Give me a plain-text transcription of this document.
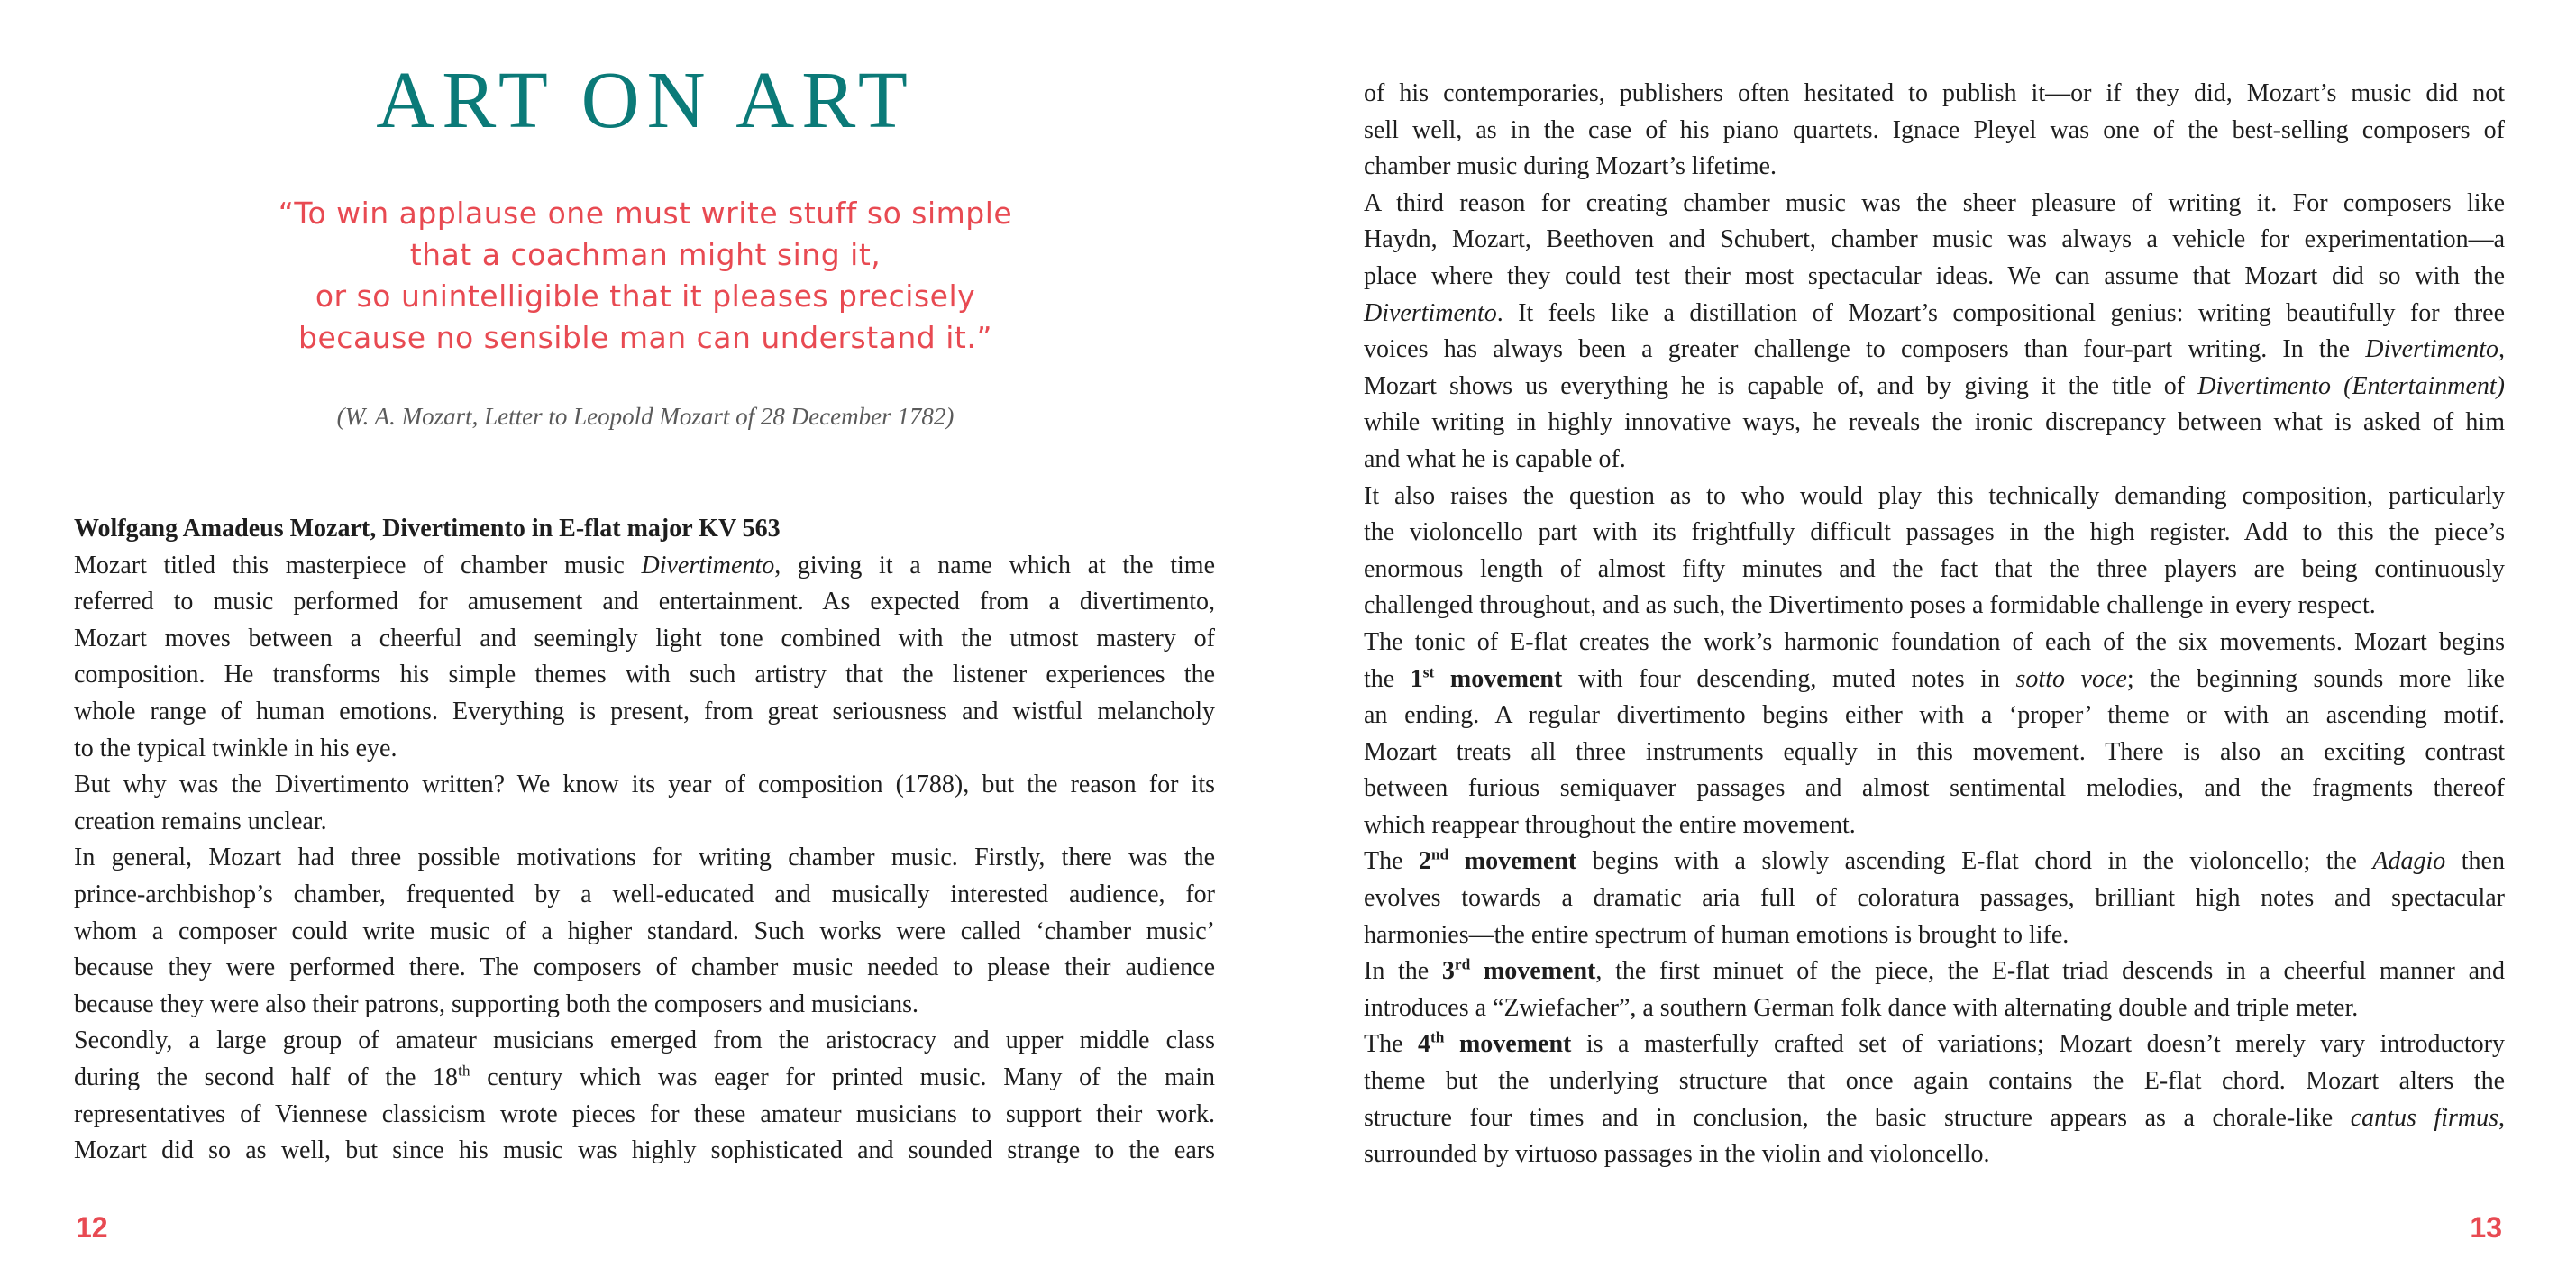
ART ON ART
“To win applause one must write stuff so simple
that a coachman might sing it,
or so unintelligible that it pleases precisely
because no sensible man can understand it.”
(W. A. Mozart, Letter to Leopold Mozart of 28 December 1782)
Wolfgang Amadeus Mozart, Divertimento in E-flat major KV 563

Mozart titled this masterpiece of chamber music Divertimento, giving it a name which at the time
referred to music performed for amusement and entertainment. As expected from a divertimento,
Mozart moves between a cheerful and seemingly light tone combined with the utmost mastery of
composition. He transforms his simple themes with such artistry that the listener experiences the
whole range of human emotions. Everything is present, from great seriousness and wistful melancholy
to the typical twinkle in his eye.

But why was the Divertimento written? We know its year of composition (1788), but the reason for its
creation remains unclear.

In general, Mozart had three possible motivations for writing chamber music. Firstly, there was the
prince-archbishop’s chamber, frequented by a well-educated and musically interested audience, for
whom a composer could write music of a higher standard. Such works were called ‘chamber music’
because they were performed there. The composers of chamber music needed to please their audience
because they were also their patrons, supporting both the composers and musicians.

Secondly, a large group of amateur musicians emerged from the aristocracy and upper middle class
during the second half of the 18th century which was eager for printed music. Many of the main
representatives of Viennese classicism wrote pieces for these amateur musicians to support their work.
Mozart did so as well, but since his music was highly sophisticated and sounded strange to the ears

12

of his contemporaries, publishers often hesitated to publish it—or if they did, Mozart’s music did not
sell well, as in the case of his piano quartets. Ignace Pleyel was one of the best-selling composers of
chamber music during Mozart’s lifetime.

A third reason for creating chamber music was the sheer pleasure of writing it. For composers like
Haydn, Mozart, Beethoven and Schubert, chamber music was always a vehicle for experimentation—a
place where they could test their most spectacular ideas. We can assume that Mozart did so with the
Divertimento. It feels like a distillation of Mozart’s compositional genius: writing beautifully for three
voices has always been a greater challenge to composers than four-part writing. In the Divertimento,
Mozart shows us everything he is capable of, and by giving it the title of Divertimento (Entertainment)
while writing in highly innovative ways, he reveals the ironic discrepancy between what is asked of him
and what he is capable of.

It also raises the question as to who would play this technically demanding composition, particularly
the violoncello part with its frightfully difficult passages in the high register. Add to this the piece’s
enormous length of almost fifty minutes and the fact that the three players are being continuously
challenged throughout, and as such, the Divertimento poses a formidable challenge in every respect.

The tonic of E-flat creates the work’s harmonic foundation of each of the six movements. Mozart begins
the 1st movement with four descending, muted notes in sotto voce; the beginning sounds more like
an ending. A regular divertimento begins either with a ‘proper’ theme or with an ascending motif.
Mozart treats all three instruments equally in this movement. There is also an exciting contrast
between furious semiquaver passages and almost sentimental melodies, and the fragments thereof
which reappear throughout the entire movement.

The 2nd movement begins with a slowly ascending E-flat chord in the violoncello; the Adagio then
evolves towards a dramatic aria full of coloratura passages, brilliant high notes and spectacular
harmonies—the entire spectrum of human emotions is brought to life.

In the 3rd movement, the first minuet of the piece, the E-flat triad descends in a cheerful manner and
introduces a “Zwiefacher”, a southern German folk dance with alternating double and triple meter.

The 4th movement is a masterfully crafted set of variations; Mozart doesn’t merely vary introductory
theme but the underlying structure that once again contains the E-flat chord. Mozart alters the
structure four times and in conclusion, the basic structure appears as a chorale-like cantus firmus,
surrounded by virtuoso passages in the violin and violoncello.

13
